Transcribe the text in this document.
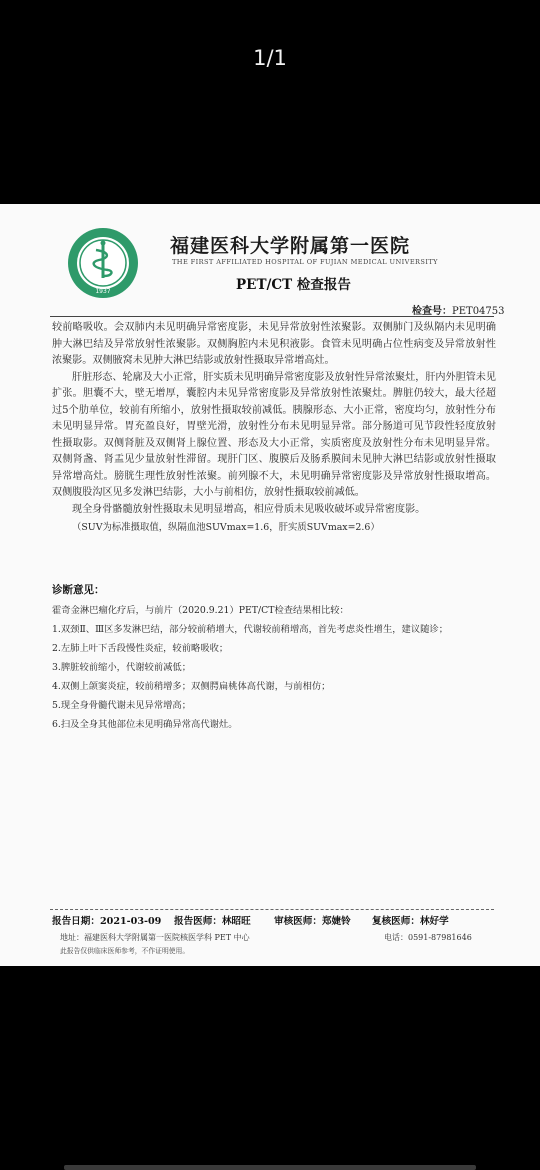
1/1
1937
福建医科大学附属第一医院
THE FIRST AFFILIATED HOSPITAL OF FUJIAN MEDICAL UNIVERSITY
PET/CT 检查报告
检查号：PET04753

较前略吸收。会双肺内未见明确异常密度影，未见异常放射性浓聚影。双侧肺门及纵隔内未见明确肿大淋巴结及异常放射性浓聚影。双侧胸腔内未见积液影。食管未见明确占位性病变及异常放射性浓聚影。双侧腋窝未见肿大淋巴结影或放射性摄取异常增高灶。

肝脏形态、轮廓及大小正常，肝实质未见明确异常密度影及放射性异常浓聚灶，肝内外胆管未见扩张。胆囊不大，壁无增厚，囊腔内未见异常密度影及异常放射性浓聚灶。脾脏仍较大，最大径超过5个肋单位，较前有所缩小，放射性摄取较前减低。胰腺形态、大小正常，密度均匀，放射性分布未见明显异常。胃充盈良好，胃壁光滑，放射性分布未见明显异常。部分肠道可见节段性轻度放射性摄取影。双侧肾脏及双侧肾上腺位置、形态及大小正常，实质密度及放射性分布未见明显异常。双侧肾盏、肾盂见少量放射性滞留。现肝门区、腹膜后及肠系膜间未见肿大淋巴结影或放射性摄取异常增高灶。膀胱生理性放射性浓聚。前列腺不大，未见明确异常密度影及异常放射性摄取增高。双侧腹股沟区见多发淋巴结影，大小与前相仿，放射性摄取较前减低。

现全身骨骼髓放射性摄取未见明显增高，相应骨质未见吸收破坏或异常密度影。

（SUV为标准摄取值，纵隔血池SUVmax=1.6，肝实质SUVmax=2.6）

诊断意见：
霍奇金淋巴瘤化疗后，与前片（2020.9.21）PET/CT检查结果相比较：
1.双颈Ⅱ、Ⅲ区多发淋巴结，部分较前稍增大，代谢较前稍增高，首先考虑炎性增生，建议随诊；
2.左肺上叶下舌段慢性炎症，较前略吸收；
3.脾脏较前缩小，代谢较前减低；
4.双侧上颌窦炎症，较前稍增多；双侧腭扁桃体高代谢，与前相仿；
5.现全身骨髓代谢未见异常增高；
6.扫及全身其他部位未见明确异常高代谢灶。
报告日期：2021-03-09 报告医师：林昭旺 审核医师：郑婕铃 复核医师：林好学
地址：福建医科大学附属第一医院核医学科 PET 中心	电话：0591-87981646
此报告仅供临床医师参考，不作证明使用。
